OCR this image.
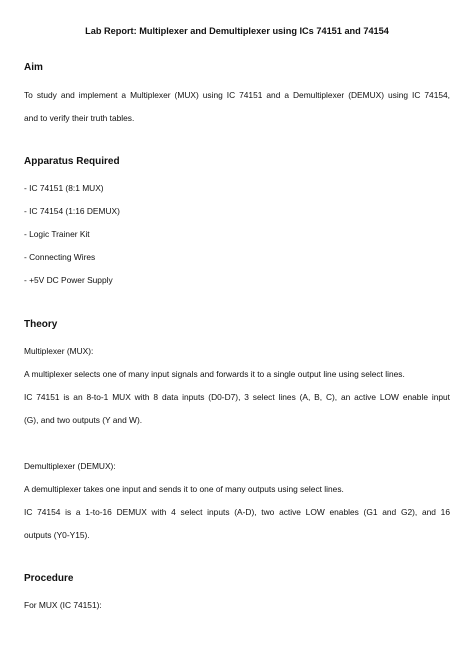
Lab Report: Multiplexer and Demultiplexer using ICs 74151 and 74154
Aim
To study and implement a Multiplexer (MUX) using IC 74151 and a Demultiplexer (DEMUX) using IC 74154,
and to verify their truth tables.
Apparatus Required
- IC 74151 (8:1 MUX)
- IC 74154 (1:16 DEMUX)
- Logic Trainer Kit
- Connecting Wires
- +5V DC Power Supply
Theory
Multiplexer (MUX):
A multiplexer selects one of many input signals and forwards it to a single output line using select lines.
IC 74151 is an 8-to-1 MUX with 8 data inputs (D0-D7), 3 select lines (A, B, C), an active LOW enable input
(G), and two outputs (Y and W).
Demultiplexer (DEMUX):
A demultiplexer takes one input and sends it to one of many outputs using select lines.
IC 74154 is a 1-to-16 DEMUX with 4 select inputs (A-D), two active LOW enables (G1 and G2), and 16
outputs (Y0-Y15).
Procedure
For MUX (IC 74151):
